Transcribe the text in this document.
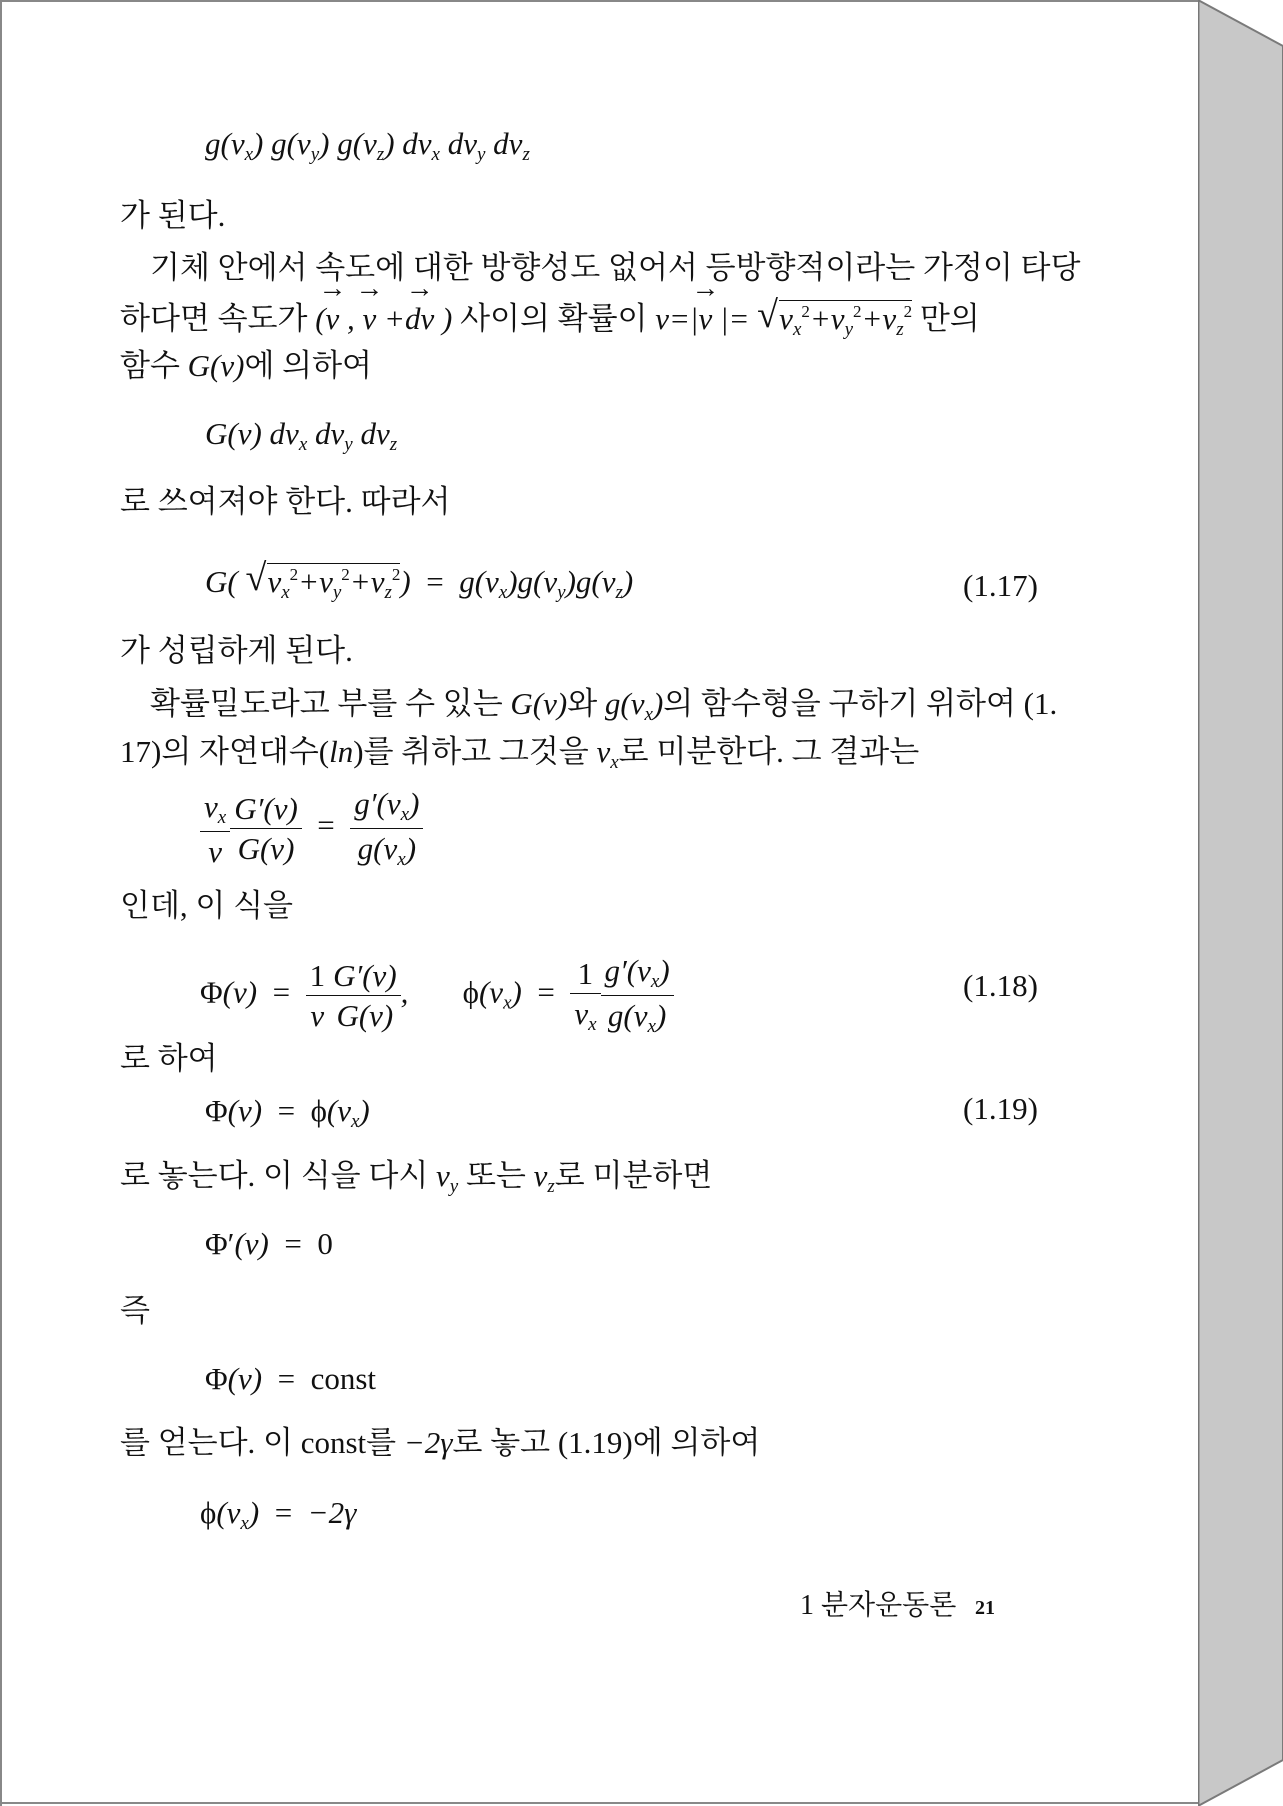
$g(v_x)$ $g(v_y)$ $g(v_z)$ $dv_x$ $dv_y$ $dv_z$
가 된다.
기체 안에서 속도에 대한 방향성도 없어서 등방향적이라는 가정이 타당
하다면 속도가 (→ v , → v +→ dv ) 사이의 확률이 v=|→ v |= √ $v_x^2+v_y^2+v_z^2$ 만의
함수 G(v)에 의하여
G(v) $dv_x$ $dv_y$ $dv_z$
로 쓰여져야 한다. 따라서
G( √ $v_x^2+v_y^2+v_z^2) = g(v_x)g(v_y)g(v_z)$	(1.17)
가 성립하게 된다.
확률밀도라고 부를 수 있는 G(v)와 $g(v_x)$의 함수형을 구하기 위하여 (1.
17)의 자연대수(ln)를 취하고 그것을 $v_x$로 미분한다. 그 결과는
$\frac{v_x}{v} \frac{G'(v)}{G(v)} = \frac{g'(v_x)}{g(v_x)}$
인데, 이 식을
$\Phi(v) = \frac{1}{v} \frac{G'(v)}{G(v)}$ ,       $\phi(v_x) = \frac{1}{v_x} \frac{g'(v_x)}{g(v_x)}$	(1.18)
로 하여
$\Phi(v) = \phi(v_x)$	(1.19)
로 놓는다. 이 식을 다시 $v_y$ 또는 $v_z$로 미분하면
Φ′(v)  =  0
즉
Φ(v)  =  const
를 얻는다. 이 const를 −2γ로 놓고 (1.19)에 의하여
$\phi(v_x) = -2\gamma$
1 분자운동론 21
